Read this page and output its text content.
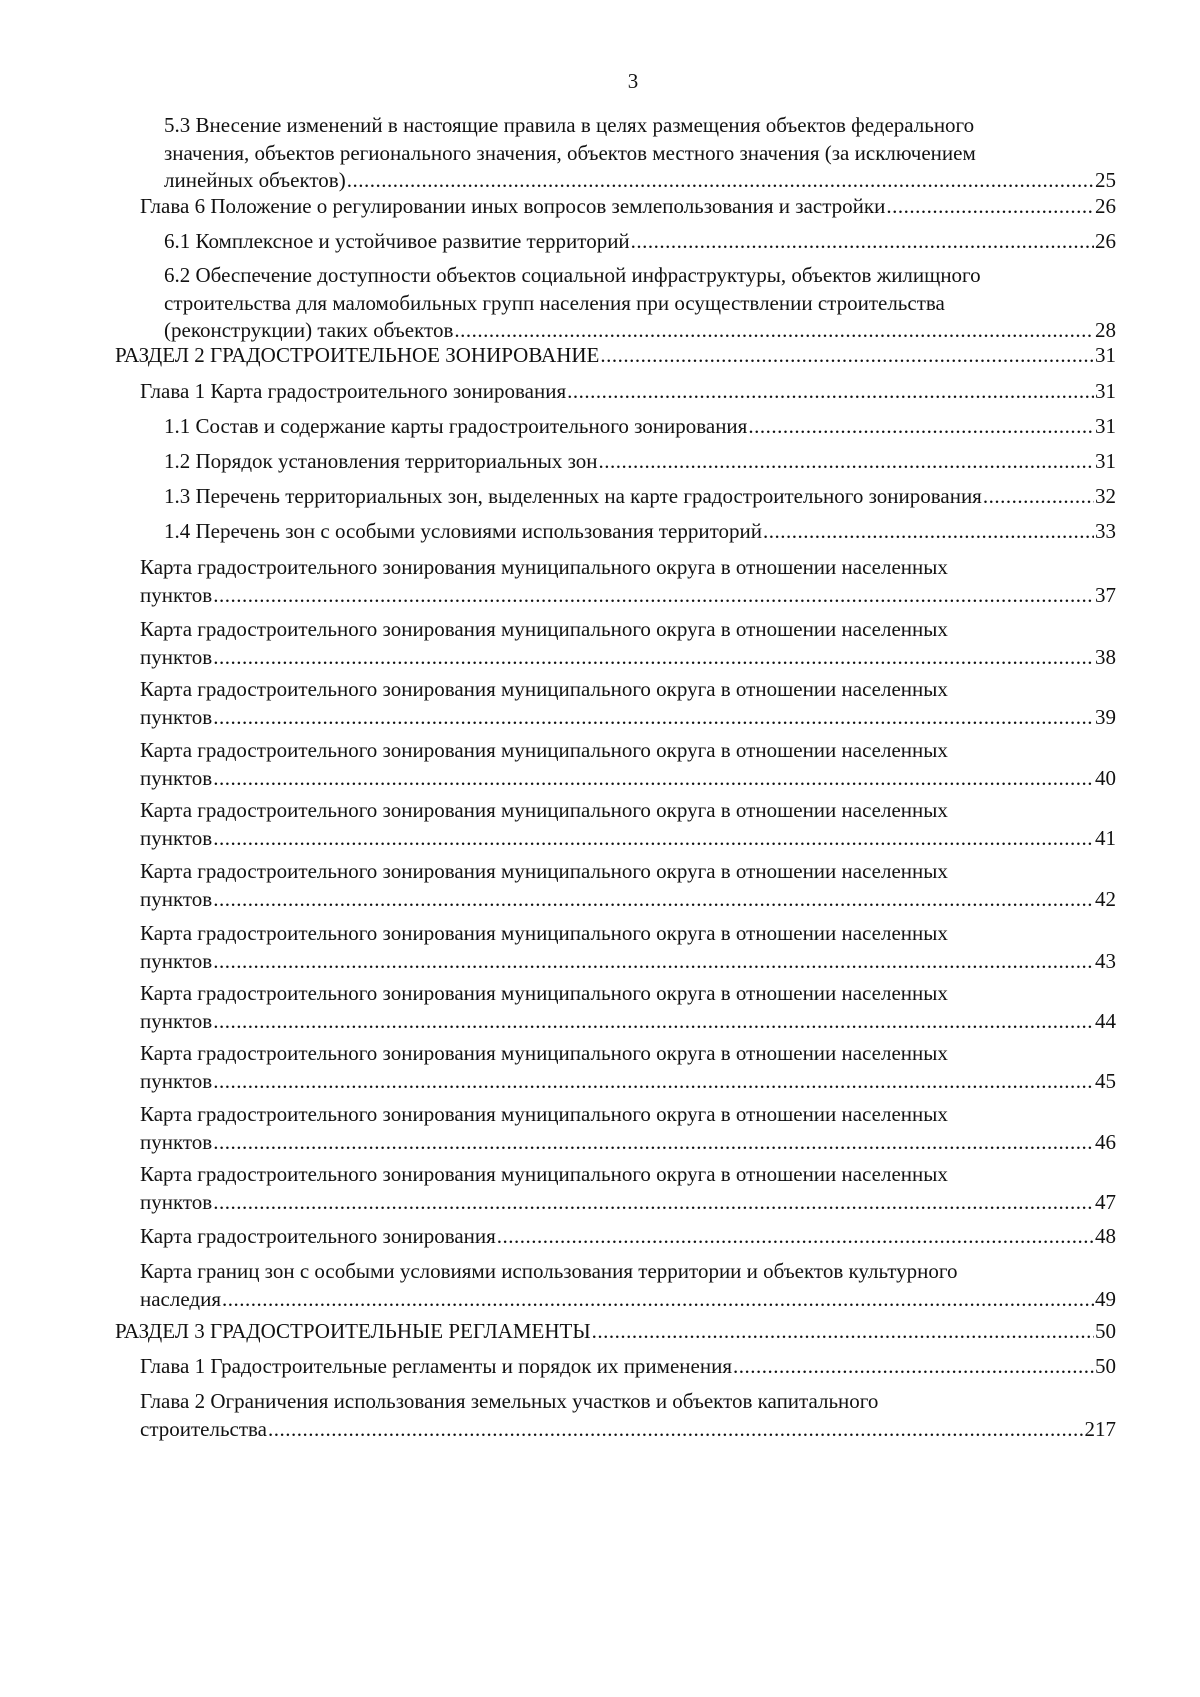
3
5.3 Внесение изменений в настоящие правила в целях размещения объектов федерального
значения, объектов регионального значения, объектов местного значения (за исключением
линейных объектов) .....	25
Глава 6 Положение о регулировании иных вопросов землепользования и застройки .....	26
6.1 Комплексное и устойчивое развитие территорий .....	26
6.2 Обеспечение доступности объектов социальной инфраструктуры, объектов жилищного
строительства для маломобильных групп населения при осуществлении строительства
(реконструкции) таких объектов .....	28
РАЗДЕЛ 2 ГРАДОСТРОИТЕЛЬНОЕ ЗОНИРОВАНИЕ .....	31
Глава 1 Карта градостроительного зонирования .....	31
1.1 Состав и содержание карты градостроительного зонирования .....	31
1.2 Порядок установления территориальных зон .....	31
1.3 Перечень территориальных зон, выделенных на карте градостроительного зонирования .....	32
1.4 Перечень зон с особыми условиями использования территорий .....	33
Карта градостроительного зонирования муниципального округа в отношении населенных
пунктов .....	37
Карта градостроительного зонирования муниципального округа в отношении населенных
пунктов .....	38
Карта градостроительного зонирования муниципального округа в отношении населенных
пунктов .....	39
Карта градостроительного зонирования муниципального округа в отношении населенных
пунктов .....	40
Карта градостроительного зонирования муниципального округа в отношении населенных
пунктов .....	41
Карта градостроительного зонирования муниципального округа в отношении населенных
пунктов .....	42
Карта градостроительного зонирования муниципального округа в отношении населенных
пунктов .....	43
Карта градостроительного зонирования муниципального округа в отношении населенных
пунктов .....	44
Карта градостроительного зонирования муниципального округа в отношении населенных
пунктов .....	45
Карта градостроительного зонирования муниципального округа в отношении населенных
пунктов .....	46
Карта градостроительного зонирования муниципального округа в отношении населенных
пунктов .....	47
Карта градостроительного зонирования .....	48
Карта границ зон с особыми условиями использования территории и объектов культурного
наследия .....	49
РАЗДЕЛ 3 ГРАДОСТРОИТЕЛЬНЫЕ РЕГЛАМЕНТЫ .....	50
Глава 1 Градостроительные регламенты и порядок их применения .....	50
Глава 2 Ограничения использования земельных участков и объектов капитального
строительства .....	217
